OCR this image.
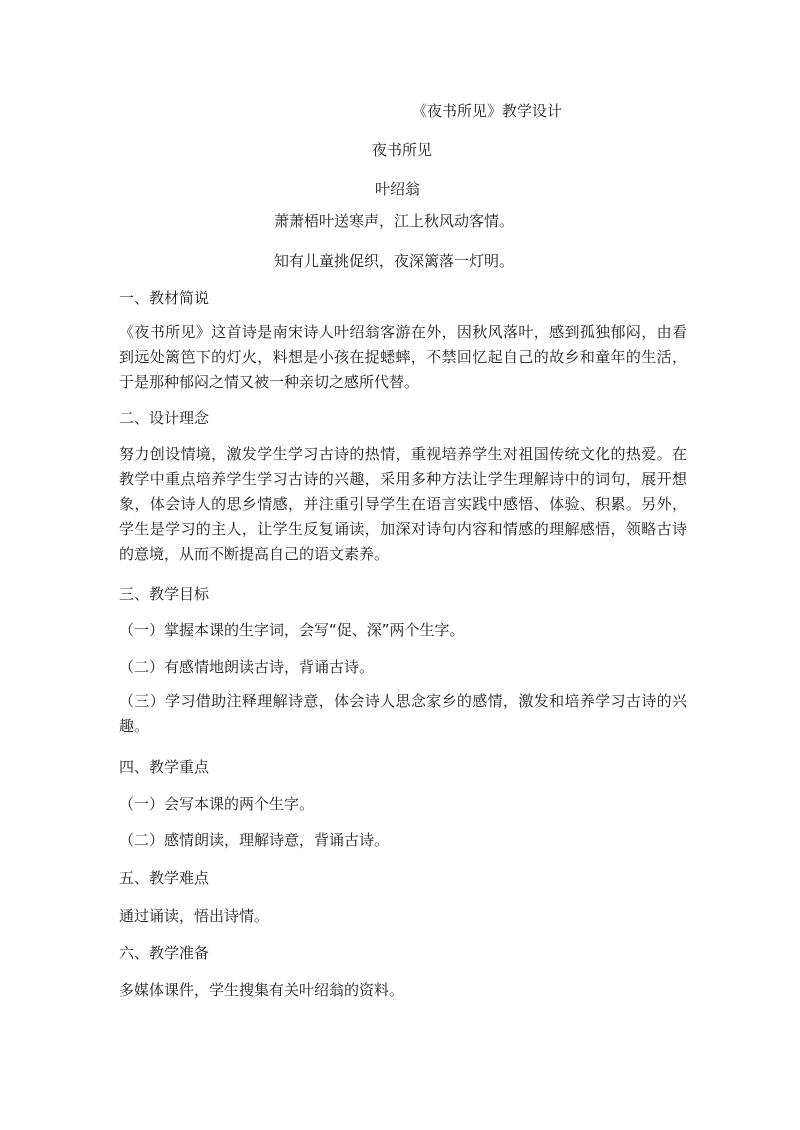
《夜书所见》教学设计
夜书所见
叶绍翁
萧萧梧叶送寒声，江上秋风动客情。
知有儿童挑促织，夜深篱落一灯明。
一、教材简说
《夜书所见》这首诗是南宋诗人叶绍翁客游在外，因秋风落叶，感到孤独郁闷，由看到远处篱笆下的灯火，料想是小孩在捉蟋蟀，不禁回忆起自己的故乡和童年的生活，于是那种郁闷之情又被一种亲切之感所代替。
二、设计理念
努力创设情境，激发学生学习古诗的热情，重视培养学生对祖国传统文化的热爱。在教学中重点培养学生学习古诗的兴趣，采用多种方法让学生理解诗中的词句，展开想象，体会诗人的思乡情感，并注重引导学生在语言实践中感悟、体验、积累。另外，学生是学习的主人，让学生反复诵读，加深对诗句内容和情感的理解感悟，领略古诗的意境，从而不断提高自己的语文素养。
三、教学目标
（一）掌握本课的生字词，会写“促、深”两个生字。
（二）有感情地朗读古诗，背诵古诗。
（三）学习借助注释理解诗意，体会诗人思念家乡的感情，激发和培养学习古诗的兴趣。
四、教学重点
（一）会写本课的两个生字。
（二）感情朗读，理解诗意，背诵古诗。
五、教学难点
通过诵读，悟出诗情。
六、教学准备
多媒体课件，学生搜集有关叶绍翁的资料。
